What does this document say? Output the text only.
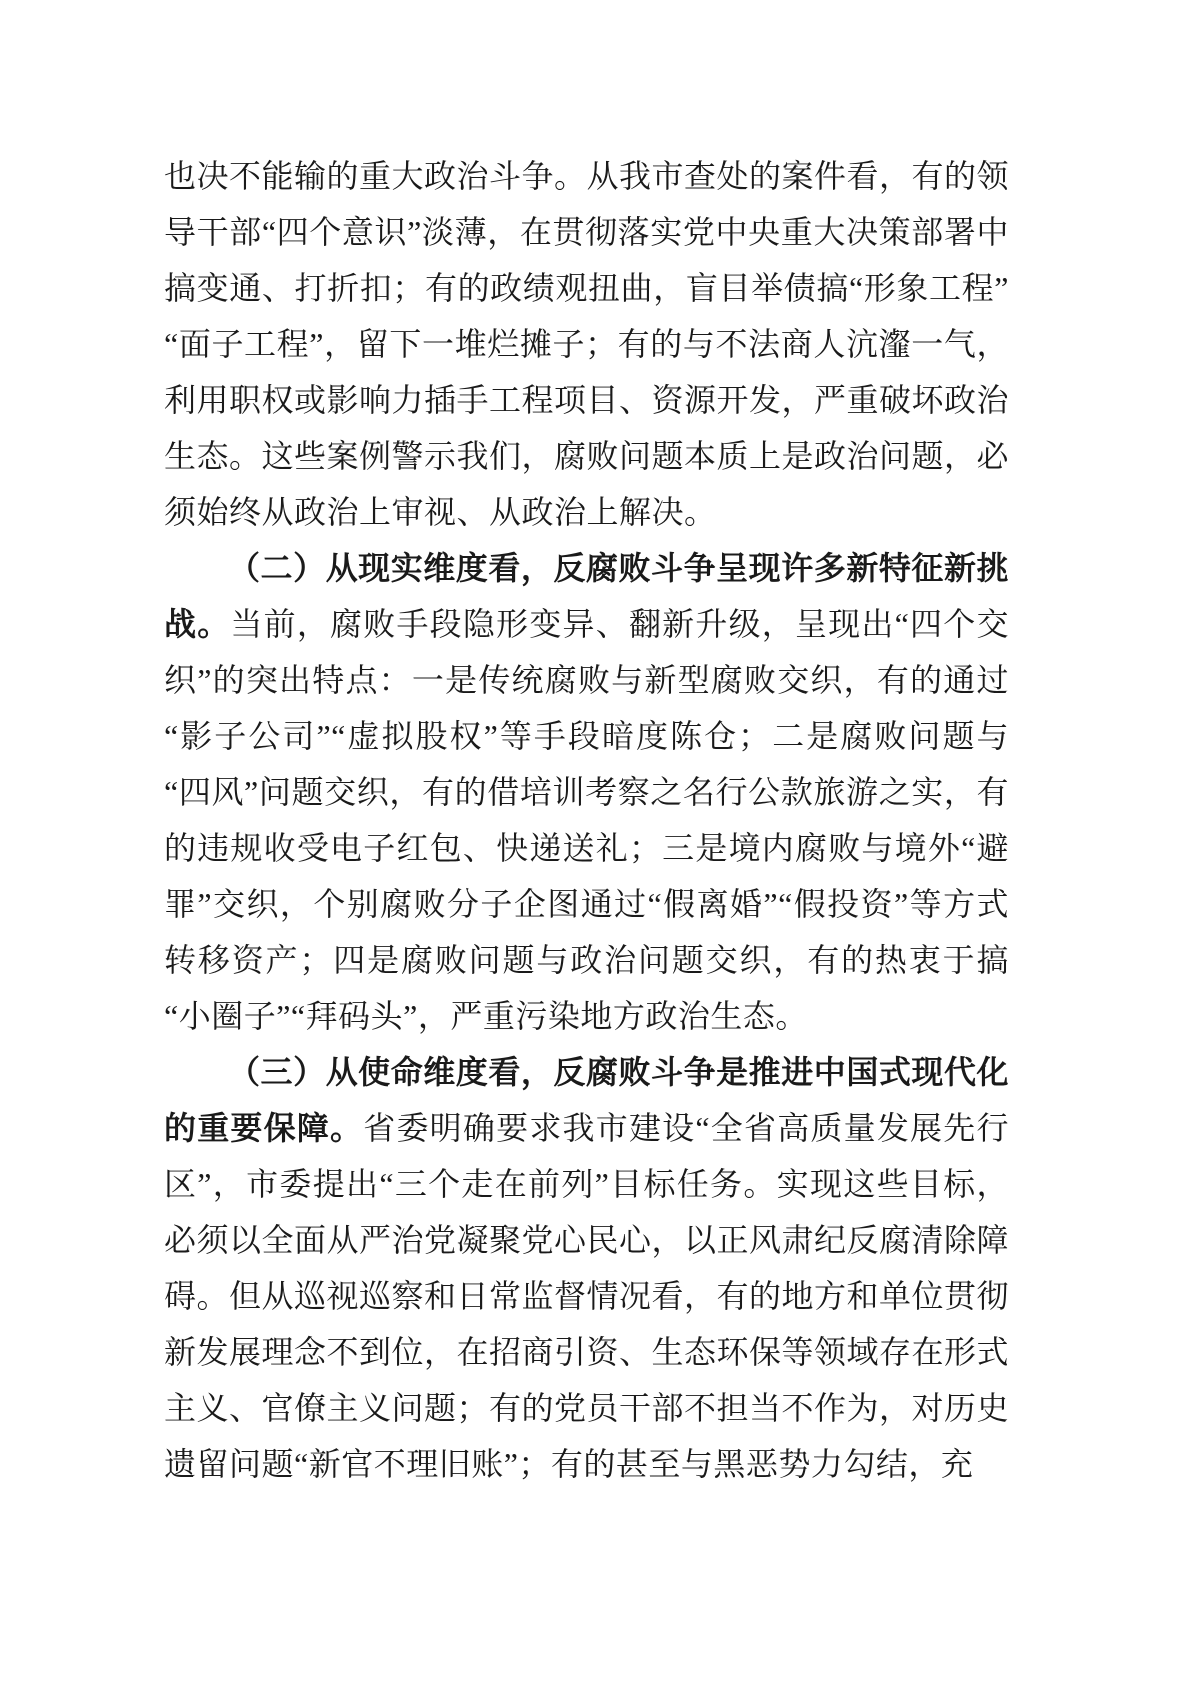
也决不能输的重大政治斗争。从我市查处的案件看，有的领导干部“四个意识”淡薄，在贯彻落实党中央重大决策部署中搞变通、打折扣；有的政绩观扭曲，盲目举债搞“形象工程”“面子工程”，留下一堆烂摊子；有的与不法商人沆瀣一气，利用职权或影响力插手工程项目、资源开发，严重破坏政治生态。这些案例警示我们，腐败问题本质上是政治问题，必须始终从政治上审视、从政治上解决。

（二）从现实维度看，反腐败斗争呈现许多新特征新挑战。当前，腐败手段隐形变异、翻新升级，呈现出“四个交织”的突出特点：一是传统腐败与新型腐败交织，有的通过“影子公司”“虚拟股权”等手段暗度陈仓；二是腐败问题与“四风”问题交织，有的借培训考察之名行公款旅游之实，有的违规收受电子红包、快递送礼；三是境内腐败与境外“避罪”交织，个别腐败分子企图通过“假离婚”“假投资”等方式转移资产；四是腐败问题与政治问题交织，有的热衷于搞“小圈子”“拜码头”，严重污染地方政治生态。

（三）从使命维度看，反腐败斗争是推进中国式现代化的重要保障。省委明确要求我市建设“全省高质量发展先行区”，市委提出“三个走在前列”目标任务。实现这些目标，必须以全面从严治党凝聚党心民心，以正风肃纪反腐清除障碍。但从巡视巡察和日常监督情况看，有的地方和单位贯彻新发展理念不到位，在招商引资、生态环保等领域存在形式主义、官僚主义问题；有的党员干部不担当不作为，对历史遗留问题“新官不理旧账”；有的甚至与黑恶势力勾结，充
